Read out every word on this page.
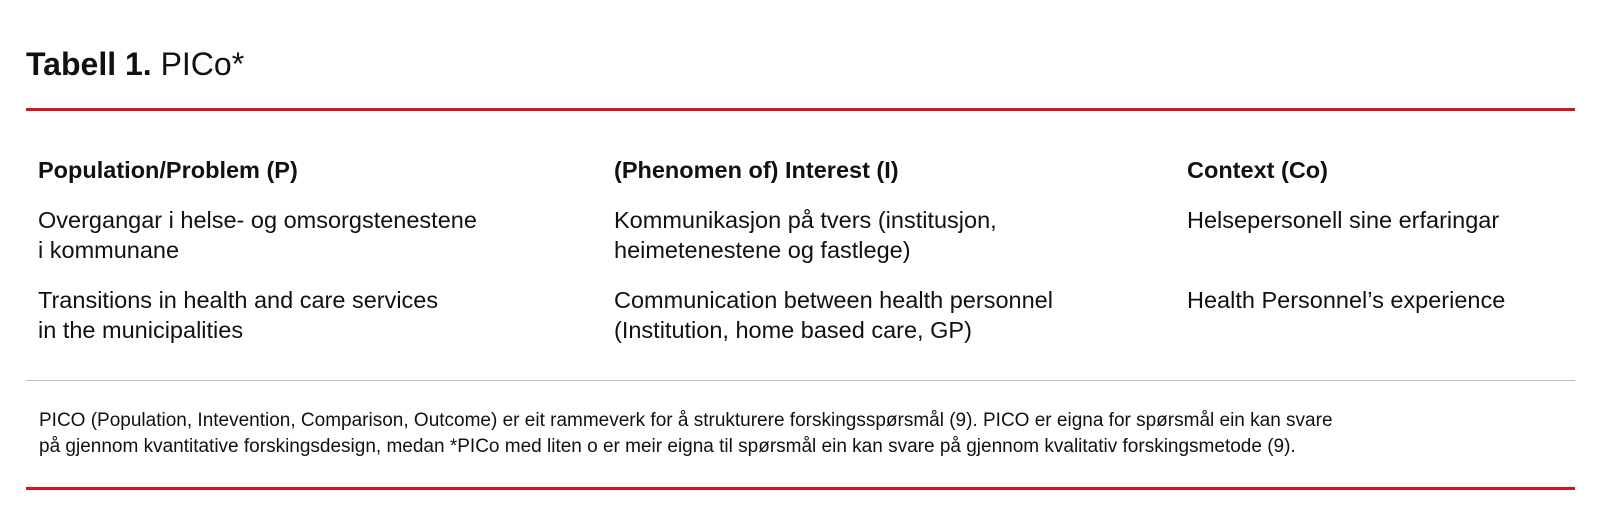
Tabell 1. PICo*
Population/Problem (P)	(Phenomen of) Interest (I)	Context (Co)
Overgangar i helse- og omsorgstenestene
i kommunane
Kommunikasjon på tvers (institusjon,
heimetenestene og fastlege)
Helsepersonell sine erfaringar
Transitions in health and care services
in the municipalities
Communication between health personnel
(Institution, home based care, GP)
Health Personnel’s experience
PICO (Population, Intevention, Comparison, Outcome) er eit rammeverk for å strukturere forskingsspørsmål (9). PICO er eigna for spørsmål ein kan svare
på gjennom kvantitative forskingsdesign, medan *PICo med liten o er meir eigna til spørsmål ein kan svare på gjennom kvalitativ forskingsmetode (9).
